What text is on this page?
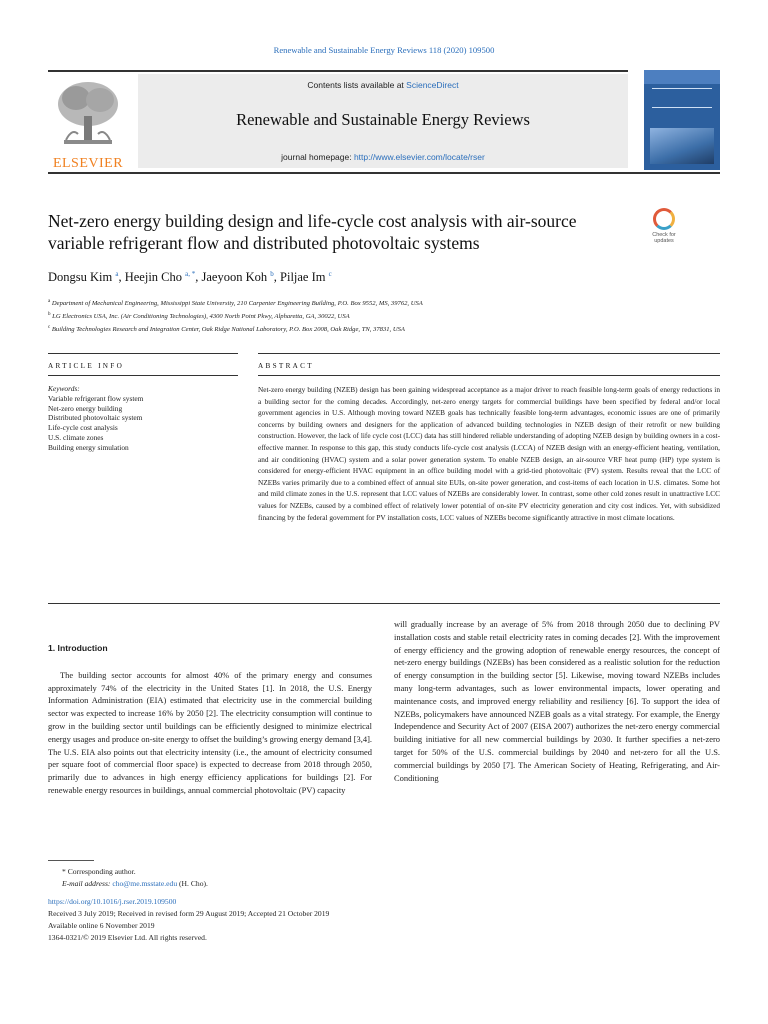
Renewable and Sustainable Energy Reviews 118 (2020) 109500
ELSEVIER
Contents lists available at ScienceDirect
Renewable and Sustainable Energy Reviews
journal homepage: http://www.elsevier.com/locate/rser
Net-zero energy building design and life-cycle cost analysis with air-source variable refrigerant flow and distributed photovoltaic systems	Check for
updates
Dongsu Kim $^a$, Heejin Cho $^{a, *}$, Jaeyoon Koh $^b$, Piljae Im $^c$
$^a$ Department of Mechanical Engineering, Mississippi State University, 210 Carpenter Engineering Building, P.O. Box 9552, MS, 39762, USA
$^b$ LG Electronics USA, Inc. (Air Conditioning Technologies), 4300 North Point Pkwy, Alpharetta, GA, 30022, USA
$^c$ Building Technologies Research and Integration Center, Oak Ridge National Laboratory, P.O. Box 2008, Oak Ridge, TN, 37831, USA
ARTICLE INFO	ABSTRACT
Keywords:
Variable refrigerant flow system
Net-zero energy building
Distributed photovoltaic system
Life-cycle cost analysis
U.S. climate zones
Building energy simulation
Net-zero energy building (NZEB) design has been gaining widespread acceptance as a major driver to reach feasible long-term goals of energy reductions in a building sector for the coming decades. Accordingly, net-zero energy targets for commercial buildings have been specified by federal and/or local government agencies in U.S. Although moving toward NZEB goals has technically feasible long-term advantages, economic issues are one of primarily concerns by building owners and designers for the application of advanced building technologies in NZEB design of their retrofit or new building construction. However, the lack of life cycle cost (LCC) data has still hindered reliable understanding of adopting NZEB design by building owners in a cost-effective manner. In response to this gap, this study conducts life-cycle cost analysis (LCCA) of NZEB design with an energy-efficient heating, ventilation, and air conditioning (HVAC) system and a solar power generation system. To enable NZEB design, an air-source VRF heat pump (HP) type system is considered for energy-efficient HVAC equipment in an office building model with a grid-tied photovoltaic (PV) system. Results reveal that the LCC of NZEBs varies primarily due to a combined effect of annual site EUIs, on-site power generation, and cost-items of each location in U.S. climates. Some hot and mild climate zones in the U.S. represent that LCC values of NZEBs are considerably lower. In contrast, some other cold zones result in unattractive LCC values for NZEBs, caused by a combined effect of relatively lower potential of on-site PV electricity generation and city cost indices. Yet, with subsidized financing by the federal government for PV installation costs, LCC values of NZEBs become significantly attractive in most climate locations.
1. Introduction

The building sector accounts for almost 40% of the primary energy and consumes approximately 74% of the electricity in the United States [1]. In 2018, the U.S. Energy Information Administration (EIA) estimated that electricity use in the commercial building sector was expected to increase 16% by 2050 [2]. The electricity consumption will continue to grow in the building sector until buildings can be efficiently designed to minimize electrical energy usages and produce on-site energy to offset the building’s growing energy demand [3,4]. The U.S. EIA also points out that electricity intensity (i.e., the amount of electricity consumed per square foot of commercial floor space) is expected to decrease from 2018 through 2050, primarily due to advances in high energy efficiency applications for buildings [2]. For renewable energy resources in buildings, annual commercial photovoltaic (PV) capacity

will gradually increase by an average of 5% from 2018 through 2050 due to declining PV installation costs and stable retail electricity rates in coming decades [2]. With the improvement of energy efficiency and the growing adoption of renewable energy resources, the concept of net-zero energy buildings (NZEBs) has been considered as a realistic solution for the reduction of energy consumption in the building sector [5]. Likewise, moving toward NZEBs includes many long-term advantages, such as lower environmental impacts, lower operating and maintenance costs, and improved energy reliability and resiliency [6]. To support the idea of NZEBs, policymakers have announced NZEB goals as a vital strategy. For example, the Energy Independence and Security Act of 2007 (EISA 2007) authorizes the net-zero energy commercial building initiative for all new commercial buildings by 2030. It further specifies a net-zero target for 50% of the U.S. commercial buildings by 2040 and net-zero for all the U.S. commercial buildings by 2050 [7]. The American Society of Heating, Refrigerating, and Air-Conditioning

* Corresponding author.
E-mail address: cho@me.msstate.edu (H. Cho).
https://doi.org/10.1016/j.rser.2019.109500
Received 3 July 2019; Received in revised form 29 August 2019; Accepted 21 October 2019
Available online 6 November 2019
1364-0321/© 2019 Elsevier Ltd. All rights reserved.
